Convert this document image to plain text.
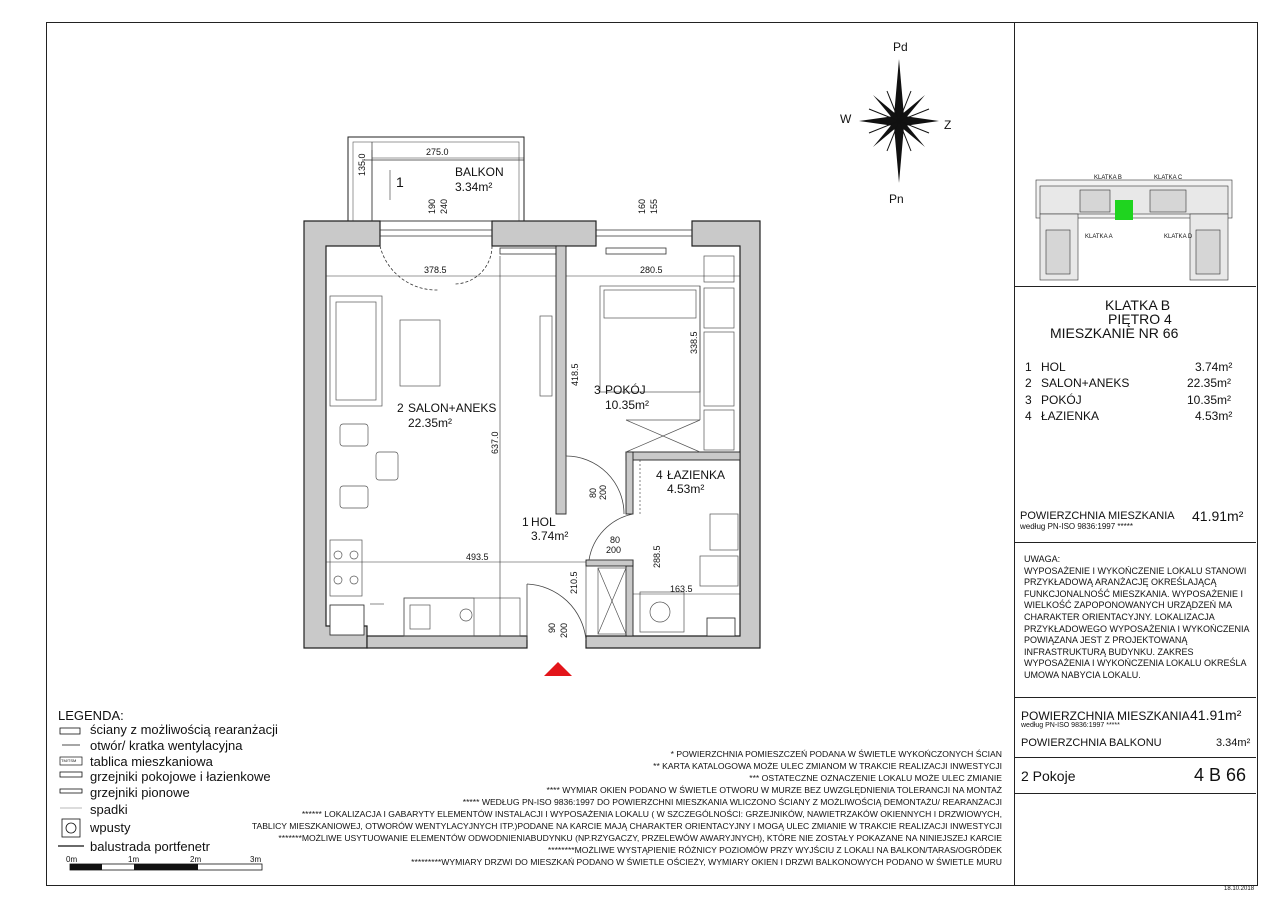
Pd
Pn
W	Z
1
BALKON
3.34m²
2 SALON+ANEKS
22.35m²
3 POKÓJ
10.35m²
4 ŁAZIENKA
4.53m²
1 HOL
3.74m²
275.0
135.0
190 240	160 155
378.5	280.5
338.5
418.5
637.0
80 200
80
200	288.5
493.5
210.5
90 200
163.5
KLATKA B	KLATKA C
KLATKA A	KLATKA D
KLATKA B
PIĘTRO 4
MIESZKANIE NR 66
1 HOL	3.74m²
2 SALON+ANEKS	22.35m²
3 POKÓJ	10.35m²
4 ŁAZIENKA	4.53m²
POWIERZCHNIA MIESZKANIA
według PN-ISO 9836:1997 *****
41.91m²
UWAGA:
WYPOSAŻENIE I WYKOŃCZENIE LOKALU STANOWI PRZYKŁADOWĄ ARANŻACJĘ OKREŚLAJĄCĄ FUNKCJONALNOŚĆ MIESZKANIA. WYPOSAŻENIE I WIELKOŚĆ ZAPOPONOWANYCH URZĄDZEŃ MA CHARAKTER ORIENTACYJNY. LOKALIZACJA PRZYKŁADOWEGO WYPOSAŻENIA I WYKOŃCZENIA POWIĄZANA JEST Z PROJEKTOWANĄ INFRASTRUKTURĄ BUDYNKU. ZAKRES WYPOSAŻENIA I WYKOŃCZENIA LOKALU OKREŚLA UMOWA NABYCIA LOKALU.
POWIERZCHNIA MIESZKANIA
według PN-ISO 9836:1997 *****
41.91m²
POWIERZCHNIA BALKONU	3.34m²
2 Pokoje	4 B 66
LEGENDA:
TM/TSM
ściany z możliwością rearanżacji
otwór/ kratka wentylacyjna
tablica mieszkaniowa
grzejniki pokojowe i łazienkowe
grzejniki pionowe
spadki
wpusty
balustrada portfenetr
0m	1m	2m	3m
* POWIERZCHNIA POMIESZCZEŃ PODANA W ŚWIETLE WYKOŃCZONYCH ŚCIAN
** KARTA KATALOGOWA MOŻE ULEC ZMIANOM W TRAKCIE REALIZACJI INWESTYCJI
*** OSTATECZNE OZNACZENIE LOKALU MOŻE ULEC ZMIANIE
**** WYMIAR OKIEN PODANO W ŚWIETLE OTWORU W MURZE BEZ UWZGLĘDNIENIA TOLERANCJI NA MONTAŻ
***** WEDŁUG PN-ISO 9836:1997 DO POWIERZCHNI MIESZKANIA WLICZONO ŚCIANY Z MOŻLIWOŚCIĄ DEMONTAŻU/ REARANŻACJI
****** LOKALIZACJA I GABARYTY ELEMENTÓW INSTALACJI I WYPOSAŻENIA LOKALU ( W SZCZEGÓLNOŚCI: GRZEJNIKÓW, NAWIETRZAKÓW OKIENNYCH I DRZWIOWYCH,
TABLICY MIESZKANIOWEJ, OTWORÓW WENTYLACYJNYCH ITP.)PODANE NA KARCIE MAJĄ CHARAKTER ORIENTACYJNY I MOGĄ ULEC ZMIANIE W TRAKCIE REALIZACJI INWESTYCJI
*******MOŻLIWE USYTUOWANIE ELEMENTÓW ODWODNIENIABUDYNKU (NP.RZYGACZY, PRZELEWÓW AWARYJNYCH), KTÓRE NIE ZOSTAŁY POKAZANE NA NINIEJSZEJ KARCIE
********MOŻLIWE WYSTĄPIENIE RÓŻNICY POZIOMÓW PRZY WYJŚCIU Z LOKALI NA BALKON/TARAS/OGRÓDEK
*********WYMIARY DRZWI DO MIESZKAŃ PODANO W ŚWIETLE OŚCIEŻY, WYMIARY OKIEN I DRZWI BALKONOWYCH PODANO W ŚWIETLE MURU
18.10.2018
